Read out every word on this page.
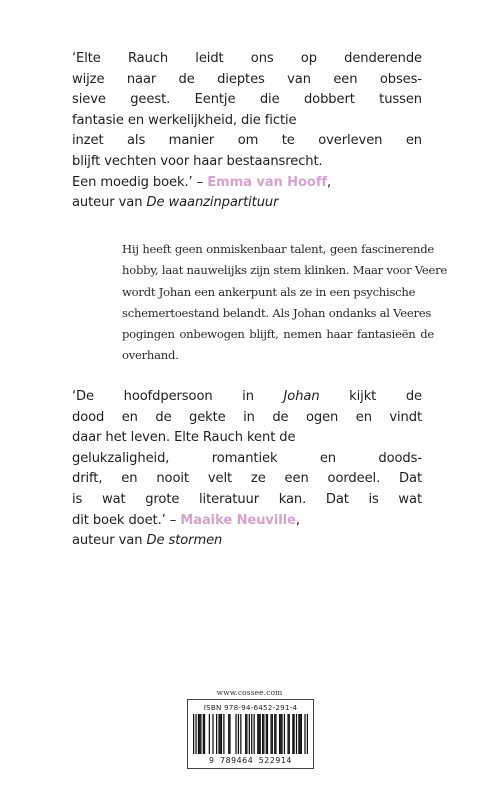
‘Elte Rauch leidt ons op denderende
wijze naar de dieptes van een obses-
sieve geest. Eentje die dobbert tussen
fantasie en werkelijkheid, die fictie
inzet als manier om te overleven en
blijft vechten voor haar bestaansrecht.
Een moedig boek.’ – Emma van Hooff,
auteur van De waanzinpartituur
Hij heeft geen onmiskenbaar talent, geen fascinerende
hobby, laat nauwelijks zijn stem klinken. Maar voor Veere
wordt Johan een ankerpunt als ze in een psychische
schemertoestand belandt. Als Johan ondanks al Veeres
pogingen onbewogen blijft, nemen haar fantasieën de
overhand.
‘De hoofdpersoon in Johan kijkt de
dood en de gekte in de ogen en vindt
daar het leven. Elte Rauch kent de
gelukzaligheid, romantiek en doods-
drift, en nooit velt ze een oordeel. Dat
is wat grote literatuur kan. Dat is wat
dit boek doet.’ – Maaike Neuville,
auteur van De stormen
www.cossee.com
ISBN 978-94-6452-291-4
9 789464 522914
